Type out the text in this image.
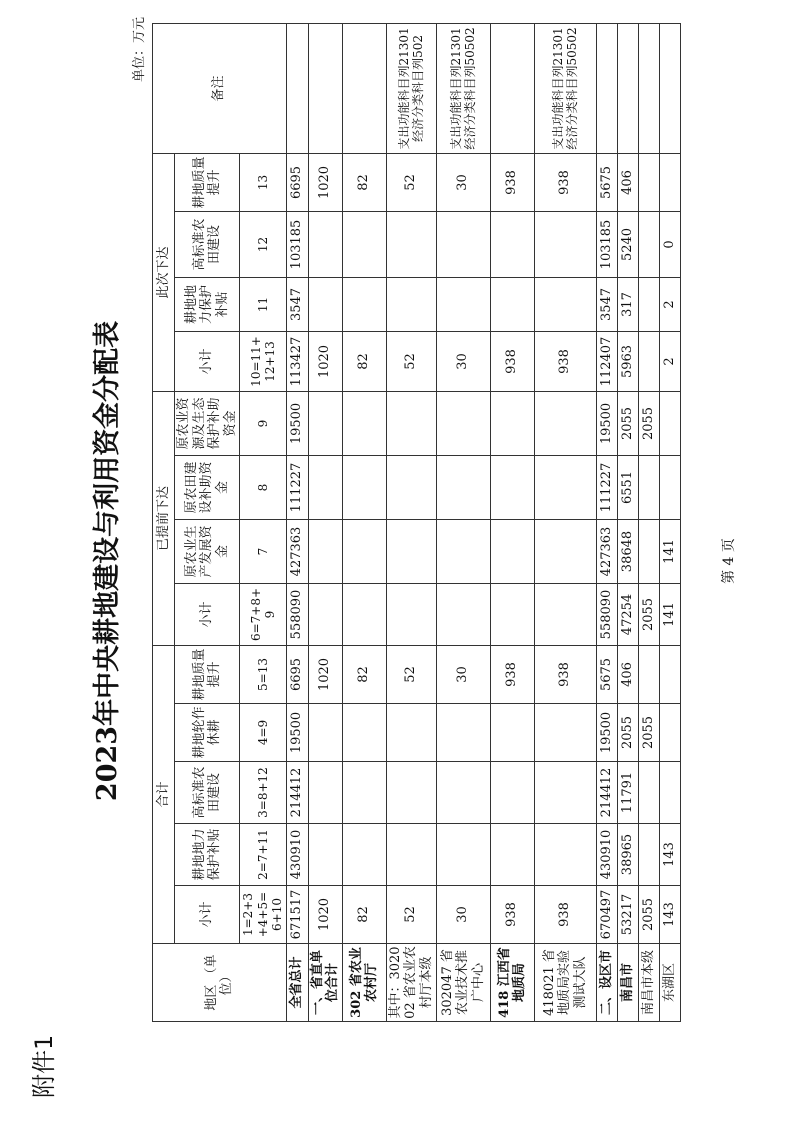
附件1
2023年中央耕地建设与利用资金分配表
单位：万元
地区 （单位）	合计					已提前下达				此次下达				备注
	小计	耕地地力保护补贴	高标准农田建设	耕地轮作休耕	耕地质量提升	小计	原农业生产发展资金	原农田建设补助资金	原农业资源及生态保护补助资金	小计	耕地地力保护补贴	高标准农田建设	耕地质量提升	
	1=2+3+4+5=6+10	2=7+11	3=8+12	4=9	5=13	6=7+8+9	7	8	9	10=11+12+13	11	12	13	
全省总计	671517	430910	214412	19500	6695	558090	427363	111227	19500	113427	3547	103185	6695	
一、省直单位合计	1020				1020					1020			1020	
302 省农业农村厅	82				82					82			82	
其中：302002 省农业农村厅本级	52				52					52			52	支出功能科目列21301经济分类科目列502
302047 省农业技术推广中心	30				30					30			30	支出功能科目列21301经济分类科目列50502
418 江西省地质局	938				938					938			938	
418021 省地质局实验测试大队	938				938					938			938	支出功能科目列21301经济分类科目列50502
二、设区市	670497	430910	214412	19500	5675	558090	427363	111227	19500	112407	3547	103185	5675	
南昌市	53217	38965	11791	2055	406	47254	38648	6551	2055	5963	317	5240	406	
南昌市本级	2055			2055		2055			2055					
东湖区	143	143				141	141			2	2	0		
第 4 页
